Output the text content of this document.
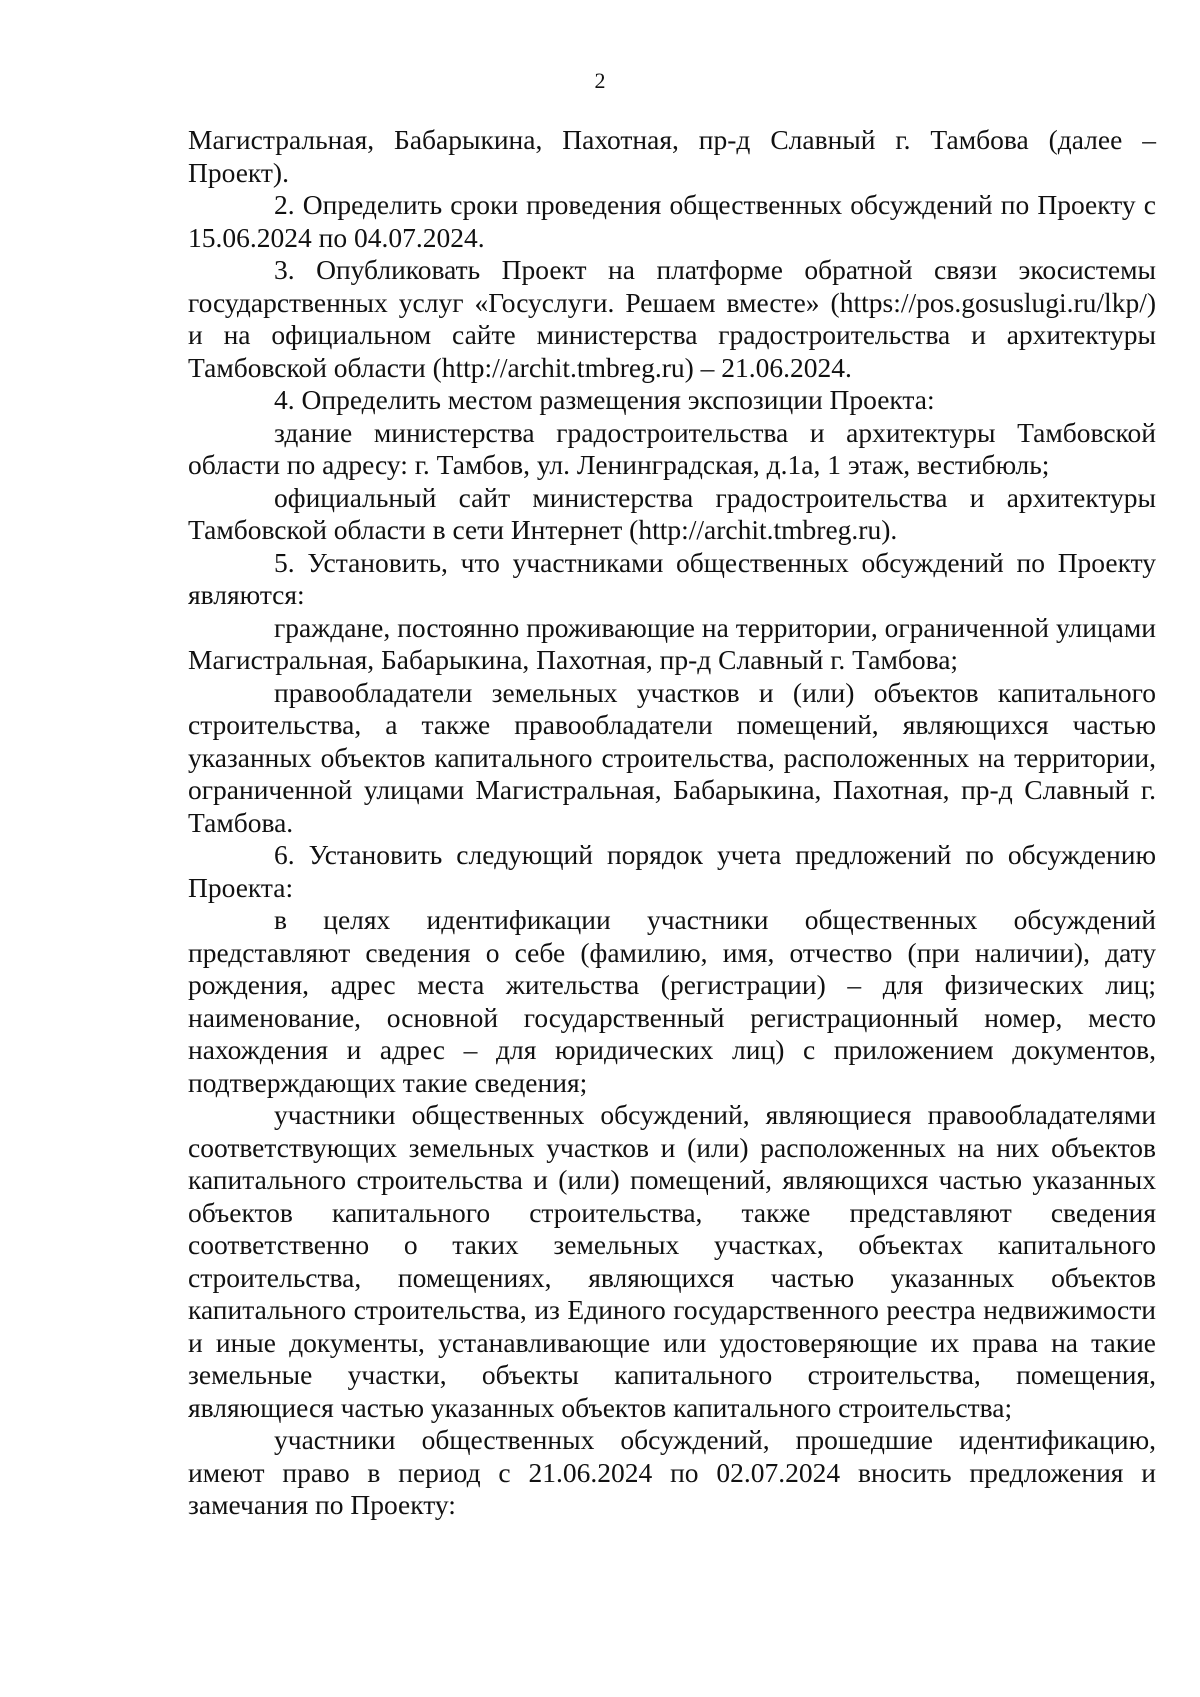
2

Магистральная, Бабарыкина, Пахотная, пр-д Славный г. Тамбова (далее – Проект).

2. Определить сроки проведения общественных обсуждений по Проекту с 15.06.2024 по 04.07.2024.

3. Опубликовать Проект на платформе обратной связи экосистемы государственных услуг «Госуслуги. Решаем вместе» (https://pos.gosuslugi.ru/lkp/) и на официальном сайте министерства градостроительства и архитектуры Тамбовской области (http://archit.tmbreg.ru) – 21.06.2024.

4. Определить местом размещения экспозиции Проекта:

здание министерства градостроительства и архитектуры Тамбовской области по адресу: г. Тамбов, ул. Ленинградская, д.1а, 1 этаж, вестибюль;

официальный сайт министерства градостроительства и архитектуры Тамбовской области в сети Интернет (http://archit.tmbreg.ru).

5. Установить, что участниками общественных обсуждений по Проекту являются:

граждане, постоянно проживающие на территории, ограниченной улицами Магистральная, Бабарыкина, Пахотная, пр-д Славный г. Тамбова;

правообладатели земельных участков и (или) объектов капитального строительства, а также правообладатели помещений, являющихся частью указанных объектов капитального строительства, расположенных на территории, ограниченной улицами Магистральная, Бабарыкина, Пахотная, пр-д Славный г. Тамбова.

6. Установить следующий порядок учета предложений по обсуждению Проекта:

в целях идентификации участники общественных обсуждений представляют сведения о себе (фамилию, имя, отчество (при наличии), дату рождения, адрес места жительства (регистрации) – для физических лиц; наименование, основной государственный регистрационный номер, место нахождения и адрес – для юридических лиц) с приложением документов, подтверждающих такие сведения;

участники общественных обсуждений, являющиеся правообладателями соответствующих земельных участков и (или) расположенных на них объектов капитального строительства и (или) помещений, являющихся частью указанных объектов капитального строительства, также представляют сведения соответственно о таких земельных участках, объектах капитального строительства, помещениях, являющихся частью указанных объектов капитального строительства, из Единого государственного реестра недвижимости и иные документы, устанавливающие или удостоверяющие их права на такие земельные участки, объекты капитального строительства, помещения, являющиеся частью указанных объектов капитального строительства;

участники общественных обсуждений, прошедшие идентификацию, имеют право в период с 21.06.2024 по 02.07.2024 вносить предложения и замечания по Проекту:
